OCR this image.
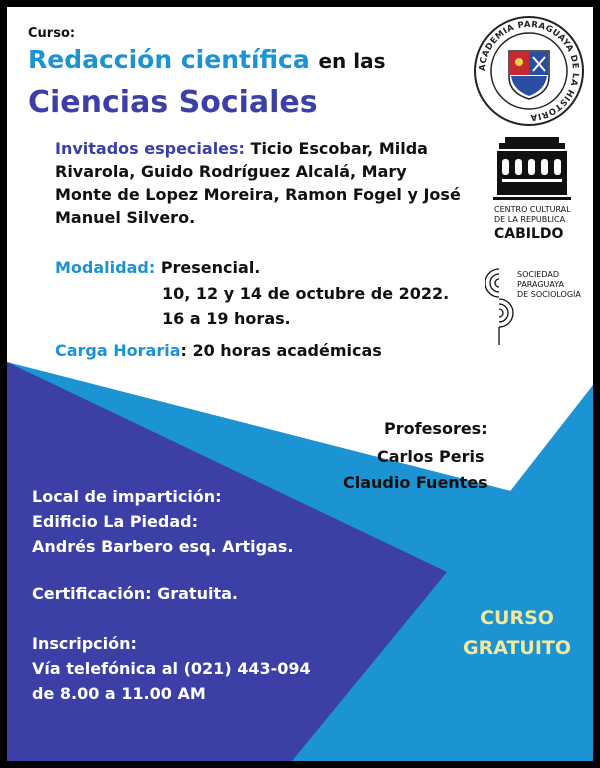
Curso:
Redacción científica en las
Ciencias Sociales
Invitados especiales: Ticio Escobar, Milda Rivarola, Guido Rodríguez Alcalá, Mary Monte de Lopez Moreira, Ramon Fogel y José Manuel Silvero.
Modalidad: Presencial.
10, 12 y 14 de octubre de 2022.
16 a 19 horas.
Carga Horaria: 20 horas académicas
Profesores:
Carlos Peris
Claudio Fuentes
Local de impartición:
Edificio La Piedad:
Andrés Barbero esq. Artigas.
Certificación: Gratuita.
Inscripción:
Vía telefónica al (021) 443-094
de 8.00 a 11.00 AM
CURSO
GRATUITO
ACADEMIA PARAGUAYA DE LA HISTORIA
CENTRO CULTURAL
DE LA REPUBLICA
CABILDO
SOCIEDAD
PARAGUAYA
DE SOCIOLOGÍA
